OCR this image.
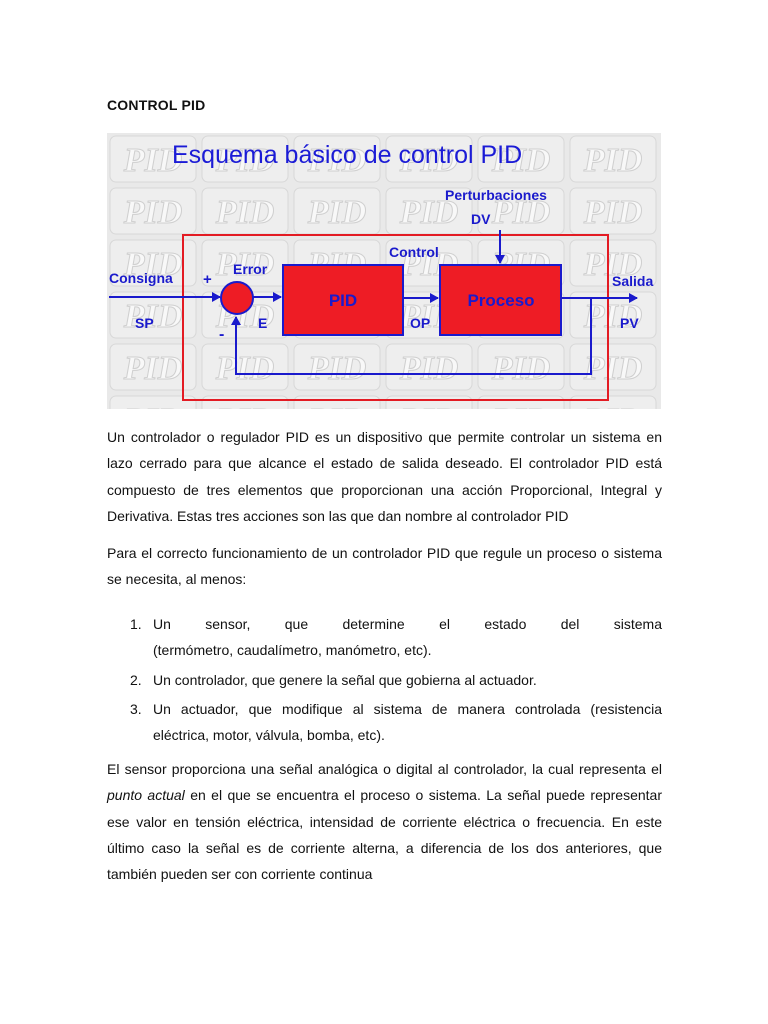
CONTROL PID
Esquema básico de control PID
Perturbaciones
DV
Control
Error
Consigna
SP
+
-
E
PID
OP
Proceso
Salida
PV

Un controlador o regulador PID es un dispositivo que permite controlar un sistema en lazo cerrado para que alcance el estado de salida deseado. El controlador PID está compuesto de tres elementos que proporcionan una acción Proporcional, Integral y Derivativa. Estas tres acciones son las que dan nombre al controlador PID

Para el correcto funcionamiento de un controlador PID que regule un proceso o sistema se necesita, al menos:

1. Un sensor, que determine el estado del sistema
(termómetro, caudalímetro, manómetro, etc).
2. Un controlador, que genere la señal que gobierna al actuador.
3. Un actuador, que modifique al sistema de manera controlada (resistencia eléctrica, motor, válvula, bomba, etc).

El sensor proporciona una señal analógica o digital al controlador, la cual representa el punto actual en el que se encuentra el proceso o sistema. La señal puede representar ese valor en tensión eléctrica, intensidad de corriente eléctrica o frecuencia. En este último caso la señal es de corriente alterna, a diferencia de los dos anteriores, que también pueden ser con corriente continua
